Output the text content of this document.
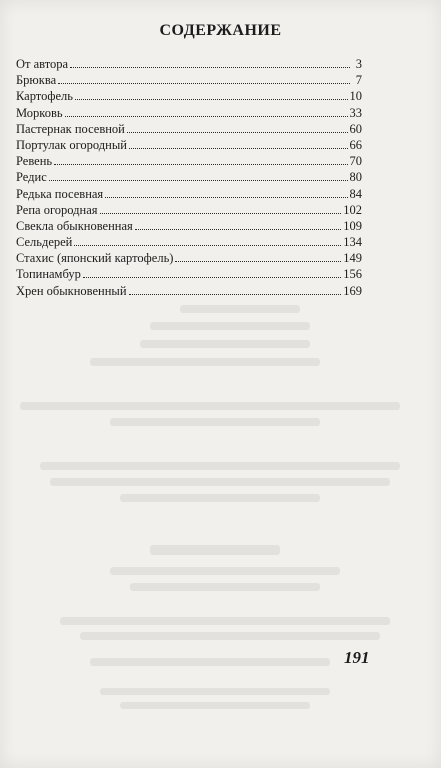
СОДЕРЖАНИЕ
От автора	3
Брюква	7
Картофель	10
Морковь	33
Пастернак посевной	60
Портулак огородный	66
Ревень	70
Редис	80
Редька посевная	84
Репа огородная	102
Свекла обыкновенная	109
Сельдерей	134
Стахис (японский картофель)	149
Топинамбур	156
Хрен обыкновенный	169
191
